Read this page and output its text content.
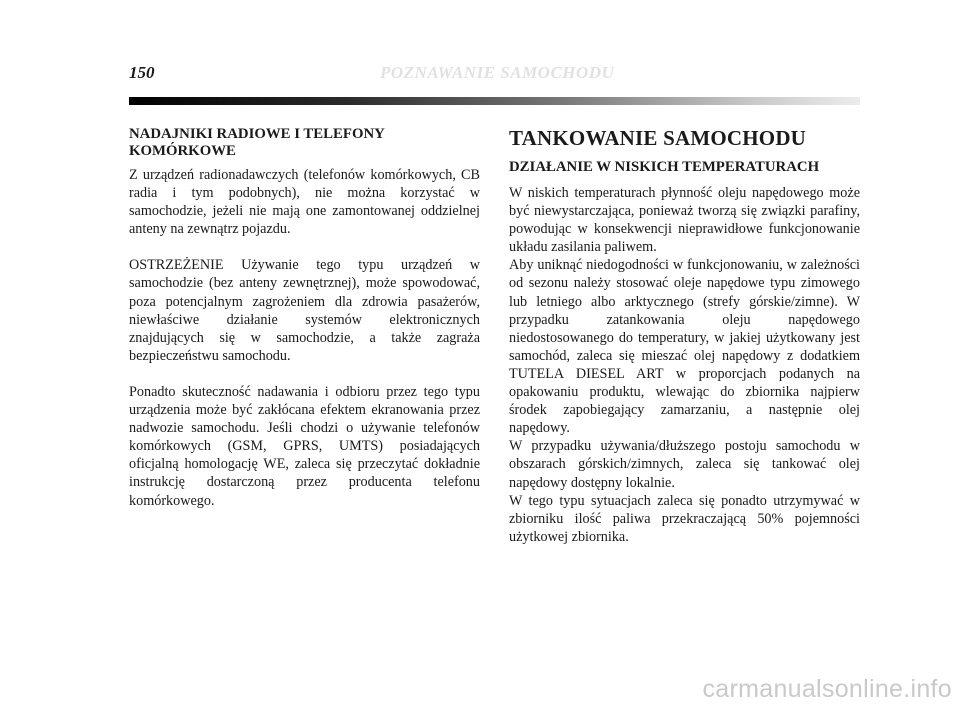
150	POZNAWANIE SAMOCHODU
NADAJNIKI RADIOWE I TELEFONY KOMÓRKOWE

Z urządzeń radionadawczych (telefonów komórkowych, CB radia i tym podobnych), nie można korzystać w samochodzie, jeżeli nie mają one zamontowanej oddzielnej anteny na zewnątrz pojazdu.

OSTRZEŻENIE Używanie tego typu urządzeń w samochodzie (bez anteny zewnętrznej), może spowodować, poza potencjalnym zagrożeniem dla zdrowia pasażerów, niewłaściwe działanie systemów elektronicznych znajdujących się w samochodzie, a także zagraża bezpieczeństwu samochodu.

Ponadto skuteczność nadawania i odbioru przez tego typu urządzenia może być zakłócana efektem ekranowania przez nadwozie samochodu. Jeśli chodzi o używanie telefonów komórkowych (GSM, GPRS, UMTS) posiadających oficjalną homologację WE, zaleca się przeczytać dokładnie instrukcję dostarczoną przez producenta telefonu komórkowego.

TANKOWANIE SAMOCHODU
DZIAŁANIE W NISKICH TEMPERATURACH

W niskich temperaturach płynność oleju napędowego może być niewystarczająca, ponieważ tworzą się związki parafiny, powodując w konsekwencji nieprawidłowe funkcjonowanie układu zasilania paliwem.

Aby uniknąć niedogodności w funkcjonowaniu, w zależności od sezonu należy stosować oleje napędowe typu zimowego lub letniego albo arktycznego (strefy górskie/zimne). W przypadku zatankowania oleju napędowego niedostosowanego do temperatury, w jakiej użytkowany jest samochód, zaleca się mieszać olej napędowy z dodatkiem TUTELA DIESEL ART w proporcjach podanych na opakowaniu produktu, wlewając do zbiornika najpierw środek zapobiegający zamarzaniu, a następnie olej napędowy.

W przypadku używania/dłuższego postoju samochodu w obszarach górskich/zimnych, zaleca się tankować olej napędowy dostępny lokalnie.

W tego typu sytuacjach zaleca się ponadto utrzymywać w zbiorniku ilość paliwa przekraczającą 50% pojemności użytkowej zbiornika.

carmanualsonline.info
